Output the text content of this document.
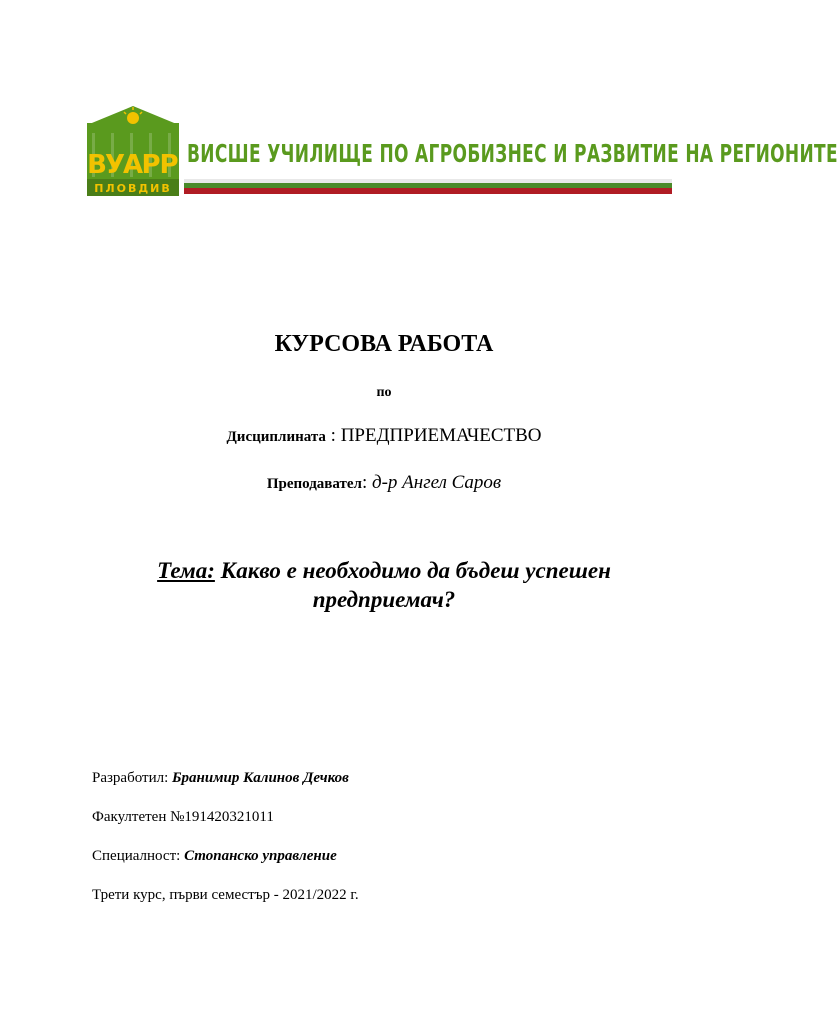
В
У
А
Р
Р
ПЛОВДИВ
ВИСШЕ УЧИЛИЩЕ ПО АГРОБИЗНЕС И РАЗВИТИЕ НА РЕГИОНИТЕ
КУРСОВА РАБОТА
по
Дисциплината : ПРЕДПРИЕМАЧЕСТВО
Преподавател: д-р Ангел Саров
Тема: Какво е необходимо да бъдеш успешен
предприемач?
Разработил: Бранимир Калинов Дечков
Факултетен №191420321011
Специалност: Стопанско управление
Трети курс, първи семестър - 2021/2022 г.
